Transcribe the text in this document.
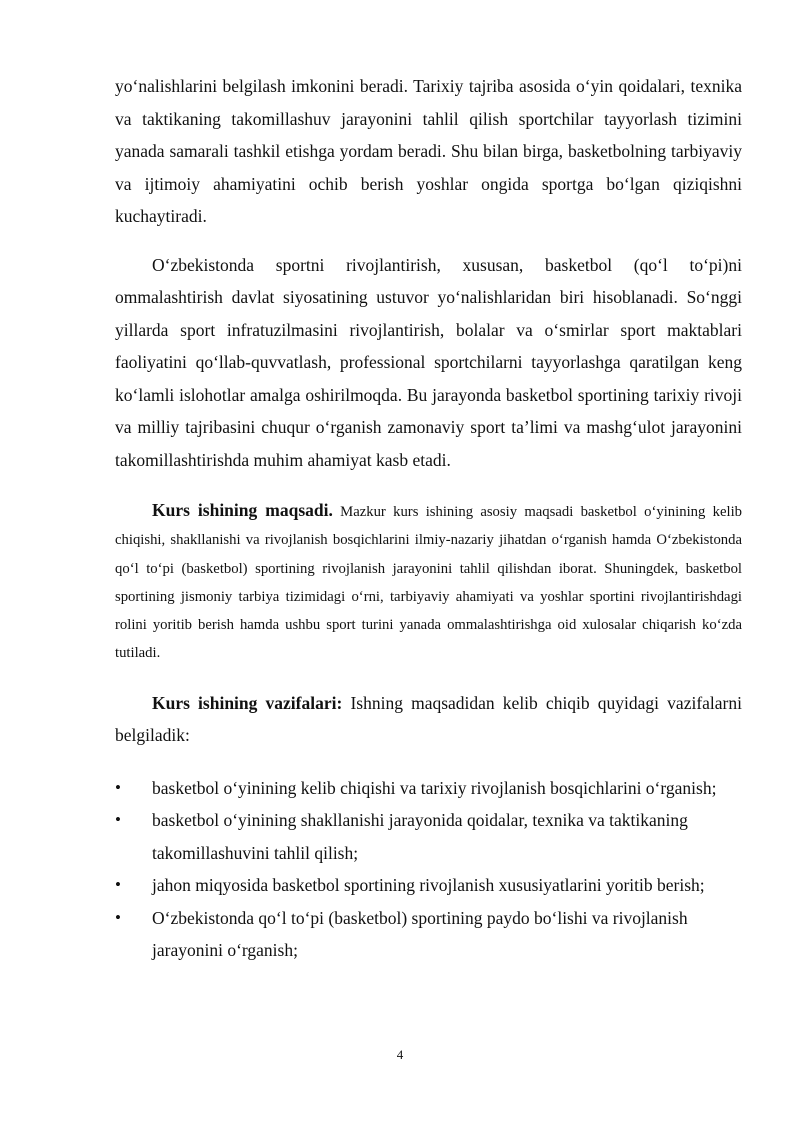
yo‘nalishlarini belgilash imkonini beradi. Tarixiy tajriba asosida o‘yin qoidalari, texnika va taktikaning takomillashuv jarayonini tahlil qilish sportchilar tayyorlash tizimini yanada samarali tashkil etishga yordam beradi. Shu bilan birga, basketbolning tarbiyaviy va ijtimoiy ahamiyatini ochib berish yoshlar ongida sportga bo‘lgan qiziqishni kuchaytiradi.

O‘zbekistonda sportni rivojlantirish, xususan, basketbol (qo‘l to‘pi)ni ommalashtirish davlat siyosatining ustuvor yo‘nalishlaridan biri hisoblanadi. So‘nggi yillarda sport infratuzilmasini rivojlantirish, bolalar va o‘smirlar sport maktablari faoliyatini qo‘llab-quvvatlash, professional sportchilarni tayyorlashga qaratilgan keng ko‘lamli islohotlar amalga oshirilmoqda. Bu jarayonda basketbol sportining tarixiy rivoji va milliy tajribasini chuqur o‘rganish zamonaviy sport ta’limi va mashg‘ulot jarayonini takomillashtirishda muhim ahamiyat kasb etadi.

Kurs ishining maqsadi. Mazkur kurs ishining asosiy maqsadi basketbol o‘yinining kelib chiqishi, shakllanishi va rivojlanish bosqichlarini ilmiy-nazariy jihatdan o‘rganish hamda O‘zbekistonda qo‘l to‘pi (basketbol) sportining rivojlanish jarayonini tahlil qilishdan iborat. Shuningdek, basketbol sportining jismoniy tarbiya tizimidagi o‘rni, tarbiyaviy ahamiyati va yoshlar sportini rivojlantirishdagi rolini yoritib berish hamda ushbu sport turini yanada ommalashtirishga oid xulosalar chiqarish ko‘zda tutiladi.

Kurs ishining vazifalari: Ishning maqsadidan kelib chiqib quyidagi vazifalarni belgiladik:

• basketbol o‘yinining kelib chiqishi va tarixiy rivojlanish bosqichlarini o‘rganish;
• basketbol o‘yinining shakllanishi jarayonida qoidalar, texnika va taktikaning takomillashuvini tahlil qilish;
• jahon miqyosida basketbol sportining rivojlanish xususiyatlarini yoritib berish;
• O‘zbekistonda qo‘l to‘pi (basketbol) sportining paydo bo‘lishi va rivojlanish jarayonini o‘rganish;
4
